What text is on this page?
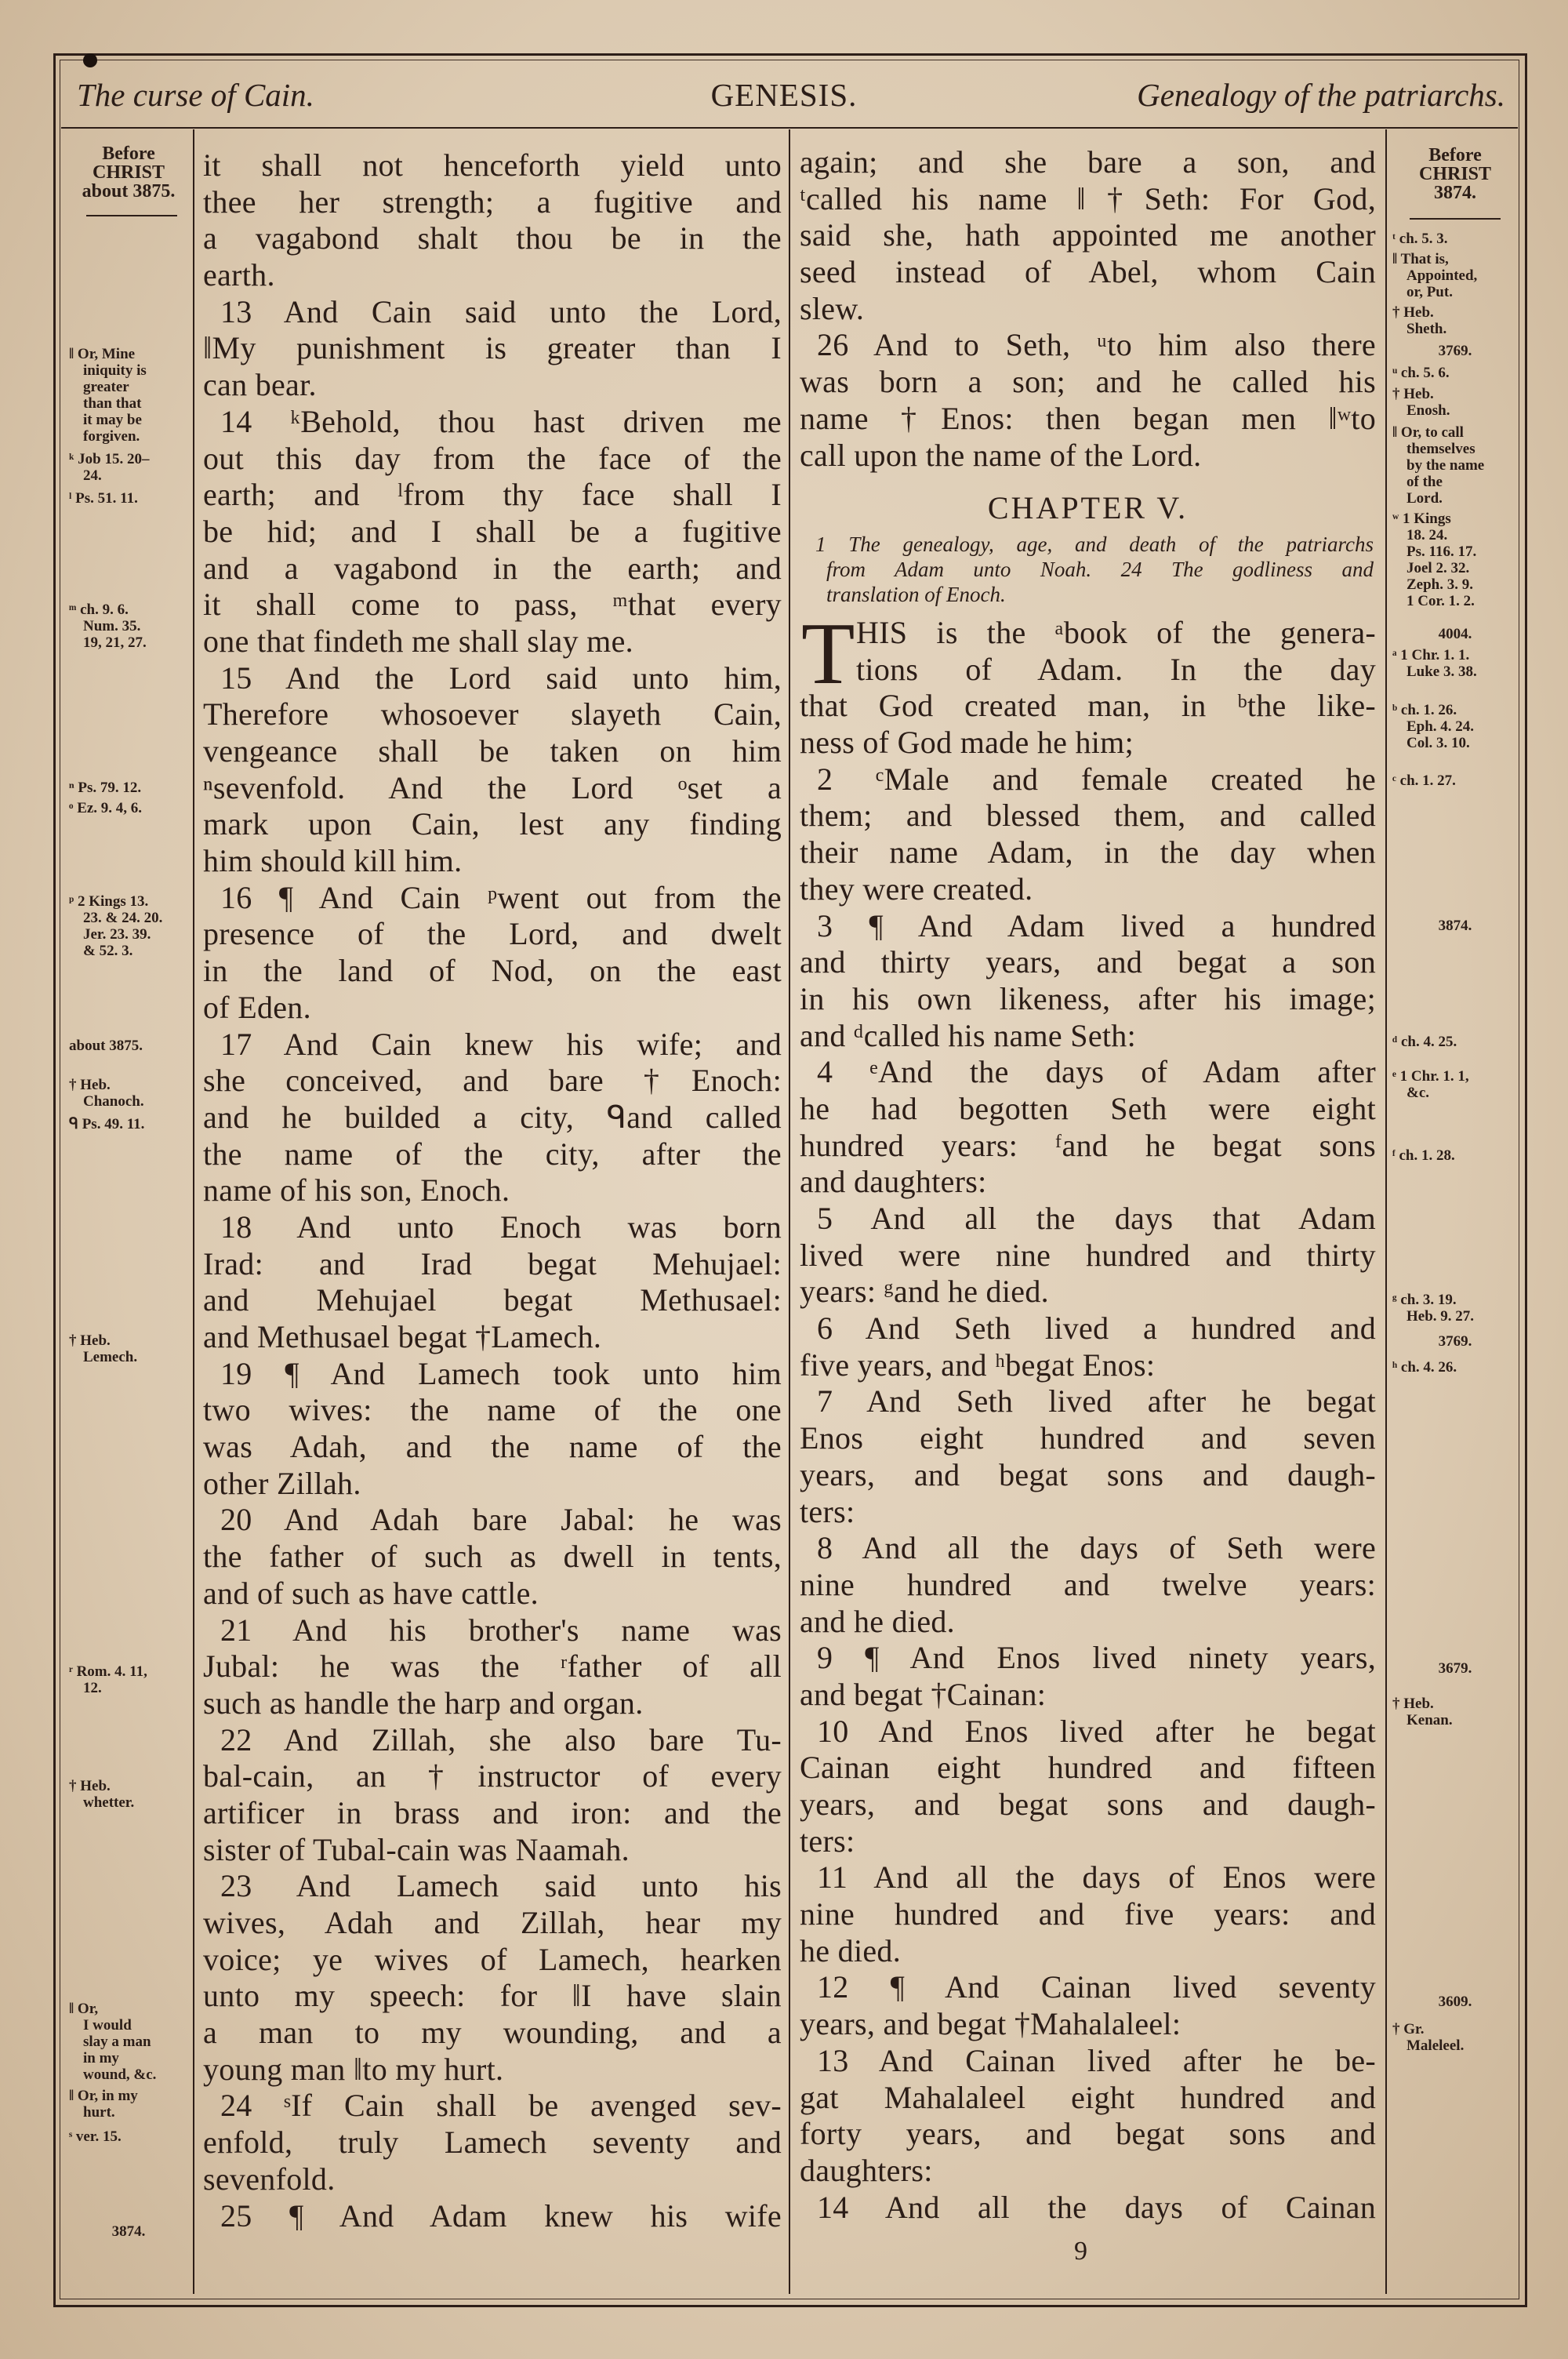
The curse of Cain.	GENESIS.	Genealogy of the patriarchs.
it shall not henceforth yield unto
thee her strength; a fugitive and
a vagabond shalt thou be in the
earth.
13 And Cain said unto the Lord,
‖My punishment is greater than I
can bear.
14 ᵏBehold, thou hast driven me
out this day from the face of the
earth; and ˡfrom thy face shall I
be hid; and I shall be a fugitive
and a vagabond in the earth; and
it shall come to pass, ᵐthat every
one that findeth me shall slay me.
15 And the Lord said unto him,
Therefore whosoever slayeth Cain,
vengeance shall be taken on him
ⁿsevenfold. And the Lord ᵒset a
mark upon Cain, lest any finding
him should kill him.
16 ¶ And Cain ᵖwent out from the
presence of the Lord, and dwelt
in the land of Nod, on the east
of Eden.
17 And Cain knew his wife; and
she conceived, and bare †Enoch:
and he builded a city, ᑫand called
the name of the city, after the
name of his son, Enoch.
18 And unto Enoch was born
Irad: and Irad begat Mehujael:
and Mehujael begat Methusael:
and Methusael begat †Lamech.
19 ¶ And Lamech took unto him
two wives: the name of the one
was Adah, and the name of the
other Zillah.
20 And Adah bare Jabal: he was
the father of such as dwell in tents,
and of such as have cattle.
21 And his brother's name was
Jubal: he was the ʳfather of all
such as handle the harp and organ.
22 And Zillah, she also bare Tu-
bal-cain, an †instructor of every
artificer in brass and iron: and the
sister of Tubal-cain was Naamah.
23 And Lamech said unto his
wives, Adah and Zillah, hear my
voice; ye wives of Lamech, hearken
unto my speech: for ‖I have slain
a man to my wounding, and a
young man ‖to my hurt.
24 ˢIf Cain shall be avenged sev-
enfold, truly Lamech seventy and
sevenfold.
25 ¶ And Adam knew his wife
again; and she bare a son, and
ᵗcalled his name ‖†Seth: For God,
said she, hath appointed me another
seed instead of Abel, whom Cain
slew.
26 And to Seth, ᵘto him also there
was born a son; and he called his
name †Enos: then began men ‖ʷto
call upon the name of the Lord.
CHAPTER V.
1 The genealogy, age, and death of the patriarchs
from Adam unto Noah. 24 The godliness and
translation of Enoch.
T HIS is the ᵃbook of the genera-
tions of Adam. In the day
that God created man, in ᵇthe like-
ness of God made he him;
2 ᶜMale and female created he
them; and blessed them, and called
their name Adam, in the day when
they were created.
3 ¶ And Adam lived a hundred
and thirty years, and begat a son
in his own likeness, after his image;
and ᵈcalled his name Seth:
4 ᵉAnd the days of Adam after
he had begotten Seth were eight
hundred years: ᶠand he begat sons
and daughters:
5 And all the days that Adam
lived were nine hundred and thirty
years: ᵍand he died.
6 And Seth lived a hundred and
five years, and ʰbegat Enos:
7 And Seth lived after he begat
Enos eight hundred and seven
years, and begat sons and daugh-
ters:
8 And all the days of Seth were
nine hundred and twelve years:
and he died.
9 ¶ And Enos lived ninety years,
and begat †Cainan:
10 And Enos lived after he begat
Cainan eight hundred and fifteen
years, and begat sons and daugh-
ters:
11 And all the days of Enos were
nine hundred and five years: and
he died.
12 ¶ And Cainan lived seventy
years, and begat †Mahalaleel:
13 And Cainan lived after he be-
gat Mahalaleel eight hundred and
forty years, and begat sons and
daughters:
14 And all the days of Cainan
Before
CHRIST
about 3875.
‖ Or, Mine
iniquity is
greater
than that
it may be
forgiven.
ᵏ Job 15. 20–
24.
ˡ Ps. 51. 11.
ᵐ ch. 9. 6.
Num. 35.
19, 21, 27.
ⁿ Ps. 79. 12.
ᵒ Ez. 9. 4, 6.
ᵖ 2 Kings 13.
23. & 24. 20.
Jer. 23. 39.
& 52. 3.
about 3875.
† Heb.
Chanoch.
ᑫ Ps. 49. 11.
† Heb.
Lemech.
ʳ Rom. 4. 11,
12.
† Heb.
whetter.
‖ Or,
I would
slay a man
in my
wound, &c.
‖ Or, in my
hurt.
ˢ ver. 15.
3874.
Before
CHRIST
3874.
ᵗ ch. 5. 3.
‖ That is,
Appointed,
or, Put.
† Heb.
Sheth.
3769.
ᵘ ch. 5. 6.
† Heb.
Enosh.
‖ Or, to call
themselves
by the name
of the
Lord.
ʷ 1 Kings
18. 24.
Ps. 116. 17.
Joel 2. 32.
Zeph. 3. 9.
1 Cor. 1. 2.
4004.
ᵃ 1 Chr. 1. 1.
Luke 3. 38.
ᵇ ch. 1. 26.
Eph. 4. 24.
Col. 3. 10.
ᶜ ch. 1. 27.
3874.
ᵈ ch. 4. 25.
ᵉ 1 Chr. 1. 1,
&c.
ᶠ ch. 1. 28.
ᵍ ch. 3. 19.
Heb. 9. 27.
3769.
ʰ ch. 4. 26.
3679.
† Heb.
Kenan.
3609.
† Gr.
Maleleel.
9
